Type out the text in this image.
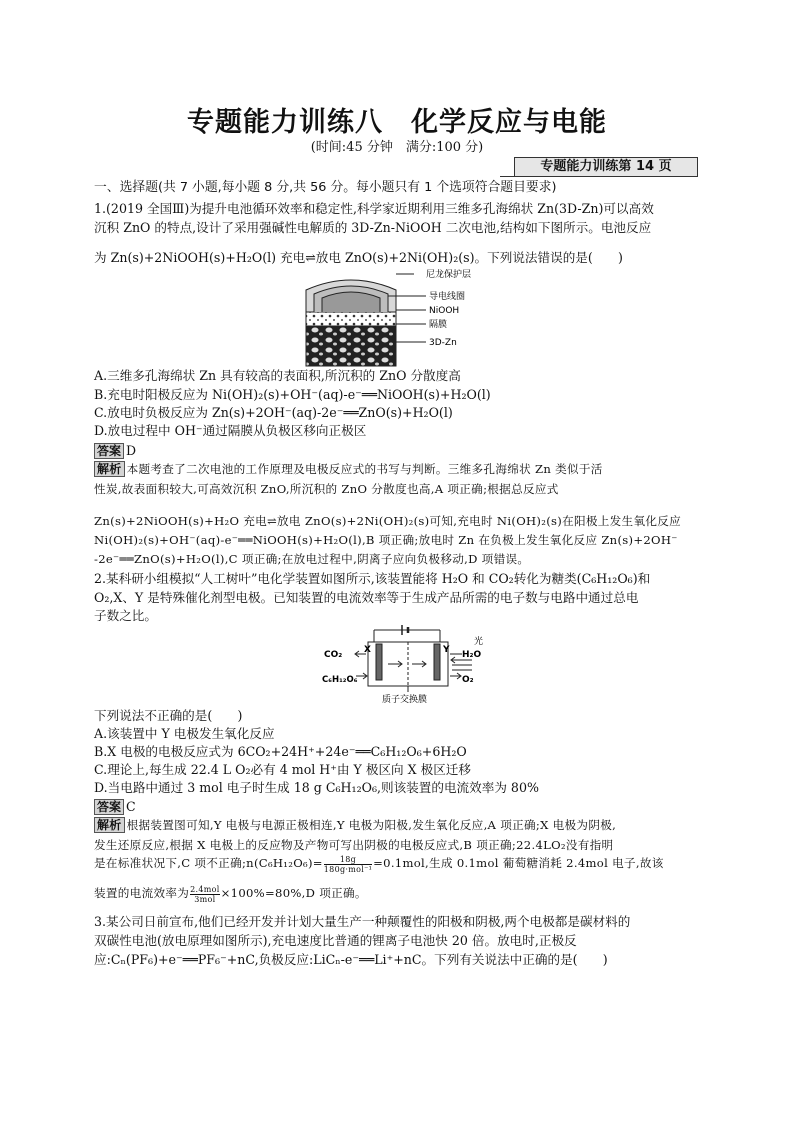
专题能力训练八　化学反应与电能
(时间:45 分钟　满分:100 分)
专题能力训练第 14 页
一、选择题(共 7 小题,每小题 8 分,共 56 分。每小题只有 1 个选项符合题目要求)
1.(2019 全国Ⅲ)为提升电池循环效率和稳定性,科学家近期利用三维多孔海绵状 Zn(3D-Zn)可以高效
沉积 ZnO 的特点,设计了采用强碱性电解质的 3D-Zn-NiOOH 二次电池,结构如下图所示。电池反应
为 Zn(s)+2NiOOH(s)+H₂O(l) 充电⇌放电 ZnO(s)+2Ni(OH)₂(s)。下列说法错误的是(　　)
尼龙保护层
导电线圈
NiOOH
隔膜
3D-Zn
A.三维多孔海绵状 Zn 具有较高的表面积,所沉积的 ZnO 分散度高
B.充电时阳极反应为 Ni(OH)₂(s)+OH⁻(aq)-e⁻══NiOOH(s)+H₂O(l)
C.放电时负极反应为 Zn(s)+2OH⁻(aq)-2e⁻══ZnO(s)+H₂O(l)
D.放电过程中 OH⁻通过隔膜从负极区移向正极区
答案 D
解析 本题考查了二次电池的工作原理及电极反应式的书写与判断。三维多孔海绵状 Zn 类似于活
性炭,故表面积较大,可高效沉积 ZnO,所沉积的 ZnO 分散度也高,A 项正确;根据总反应式
Zn(s)+2NiOOH(s)+H₂O 充电⇌放电 ZnO(s)+2Ni(OH)₂(s)可知,充电时 Ni(OH)₂(s)在阳极上发生氧化反应
Ni(OH)₂(s)+OH⁻(aq)-e⁻══NiOOH(s)+H₂O(l),B 项正确;放电时 Zn 在负极上发生氧化反应 Zn(s)+2OH⁻
-2e⁻══ZnO(s)+H₂O(l),C 项正确;在放电过程中,阴离子应向负极移动,D 项错误。
2.某科研小组模拟“人工树叶”电化学装置如图所示,该装置能将 H₂O 和 CO₂转化为糖类(C₆H₁₂O₆)和
O₂,X、Y 是特殊催化剂型电极。已知装置的电流效率等于生成产品所需的电子数与电路中通过总电
子数之比。
CO₂ X	Y
光
H₂O
C₆H₁₂O₆	O₂
质子交换膜
下列说法不正确的是(　　)
A.该装置中 Y 电极发生氧化反应
B.X 电极的电极反应式为 6CO₂+24H⁺+24e⁻══C₆H₁₂O₆+6H₂O
C.理论上,每生成 22.4 L O₂必有 4 mol H⁺由 Y 极区向 X 极区迁移
D.当电路中通过 3 mol 电子时生成 18 g C₆H₁₂O₆,则该装置的电流效率为 80%
答案 C
解析 根据装置图可知,Y 电极与电源正极相连,Y 电极为阳极,发生氧化反应,A 项正确;X 电极为阴极,
发生还原反应,根据 X 电极上的反应物及产物可写出阴极的电极反应式,B 项正确;22.4LO₂没有指明
是在标准状况下,C 项不正确;n(C₆H₁₂O₆)=	18g
180g·mol⁻¹ =0.1mol,生成 0.1mol 葡萄糖消耗 2.4mol 电子,故该
装置的电流效率为 2.4mol
3mol ×100%=80%,D 项正确。
3.某公司日前宣布,他们已经开发并计划大量生产一种颠覆性的阳极和阴极,两个电极都是碳材料的
双碳性电池(放电原理如图所示),充电速度比普通的锂离子电池快 20 倍。放电时,正极反
应:Cₙ(PF₆)+e⁻══PF₆⁻+nC,负极反应:LiCₙ-e⁻══Li⁺+nC。下列有关说法中正确的是(　　)
